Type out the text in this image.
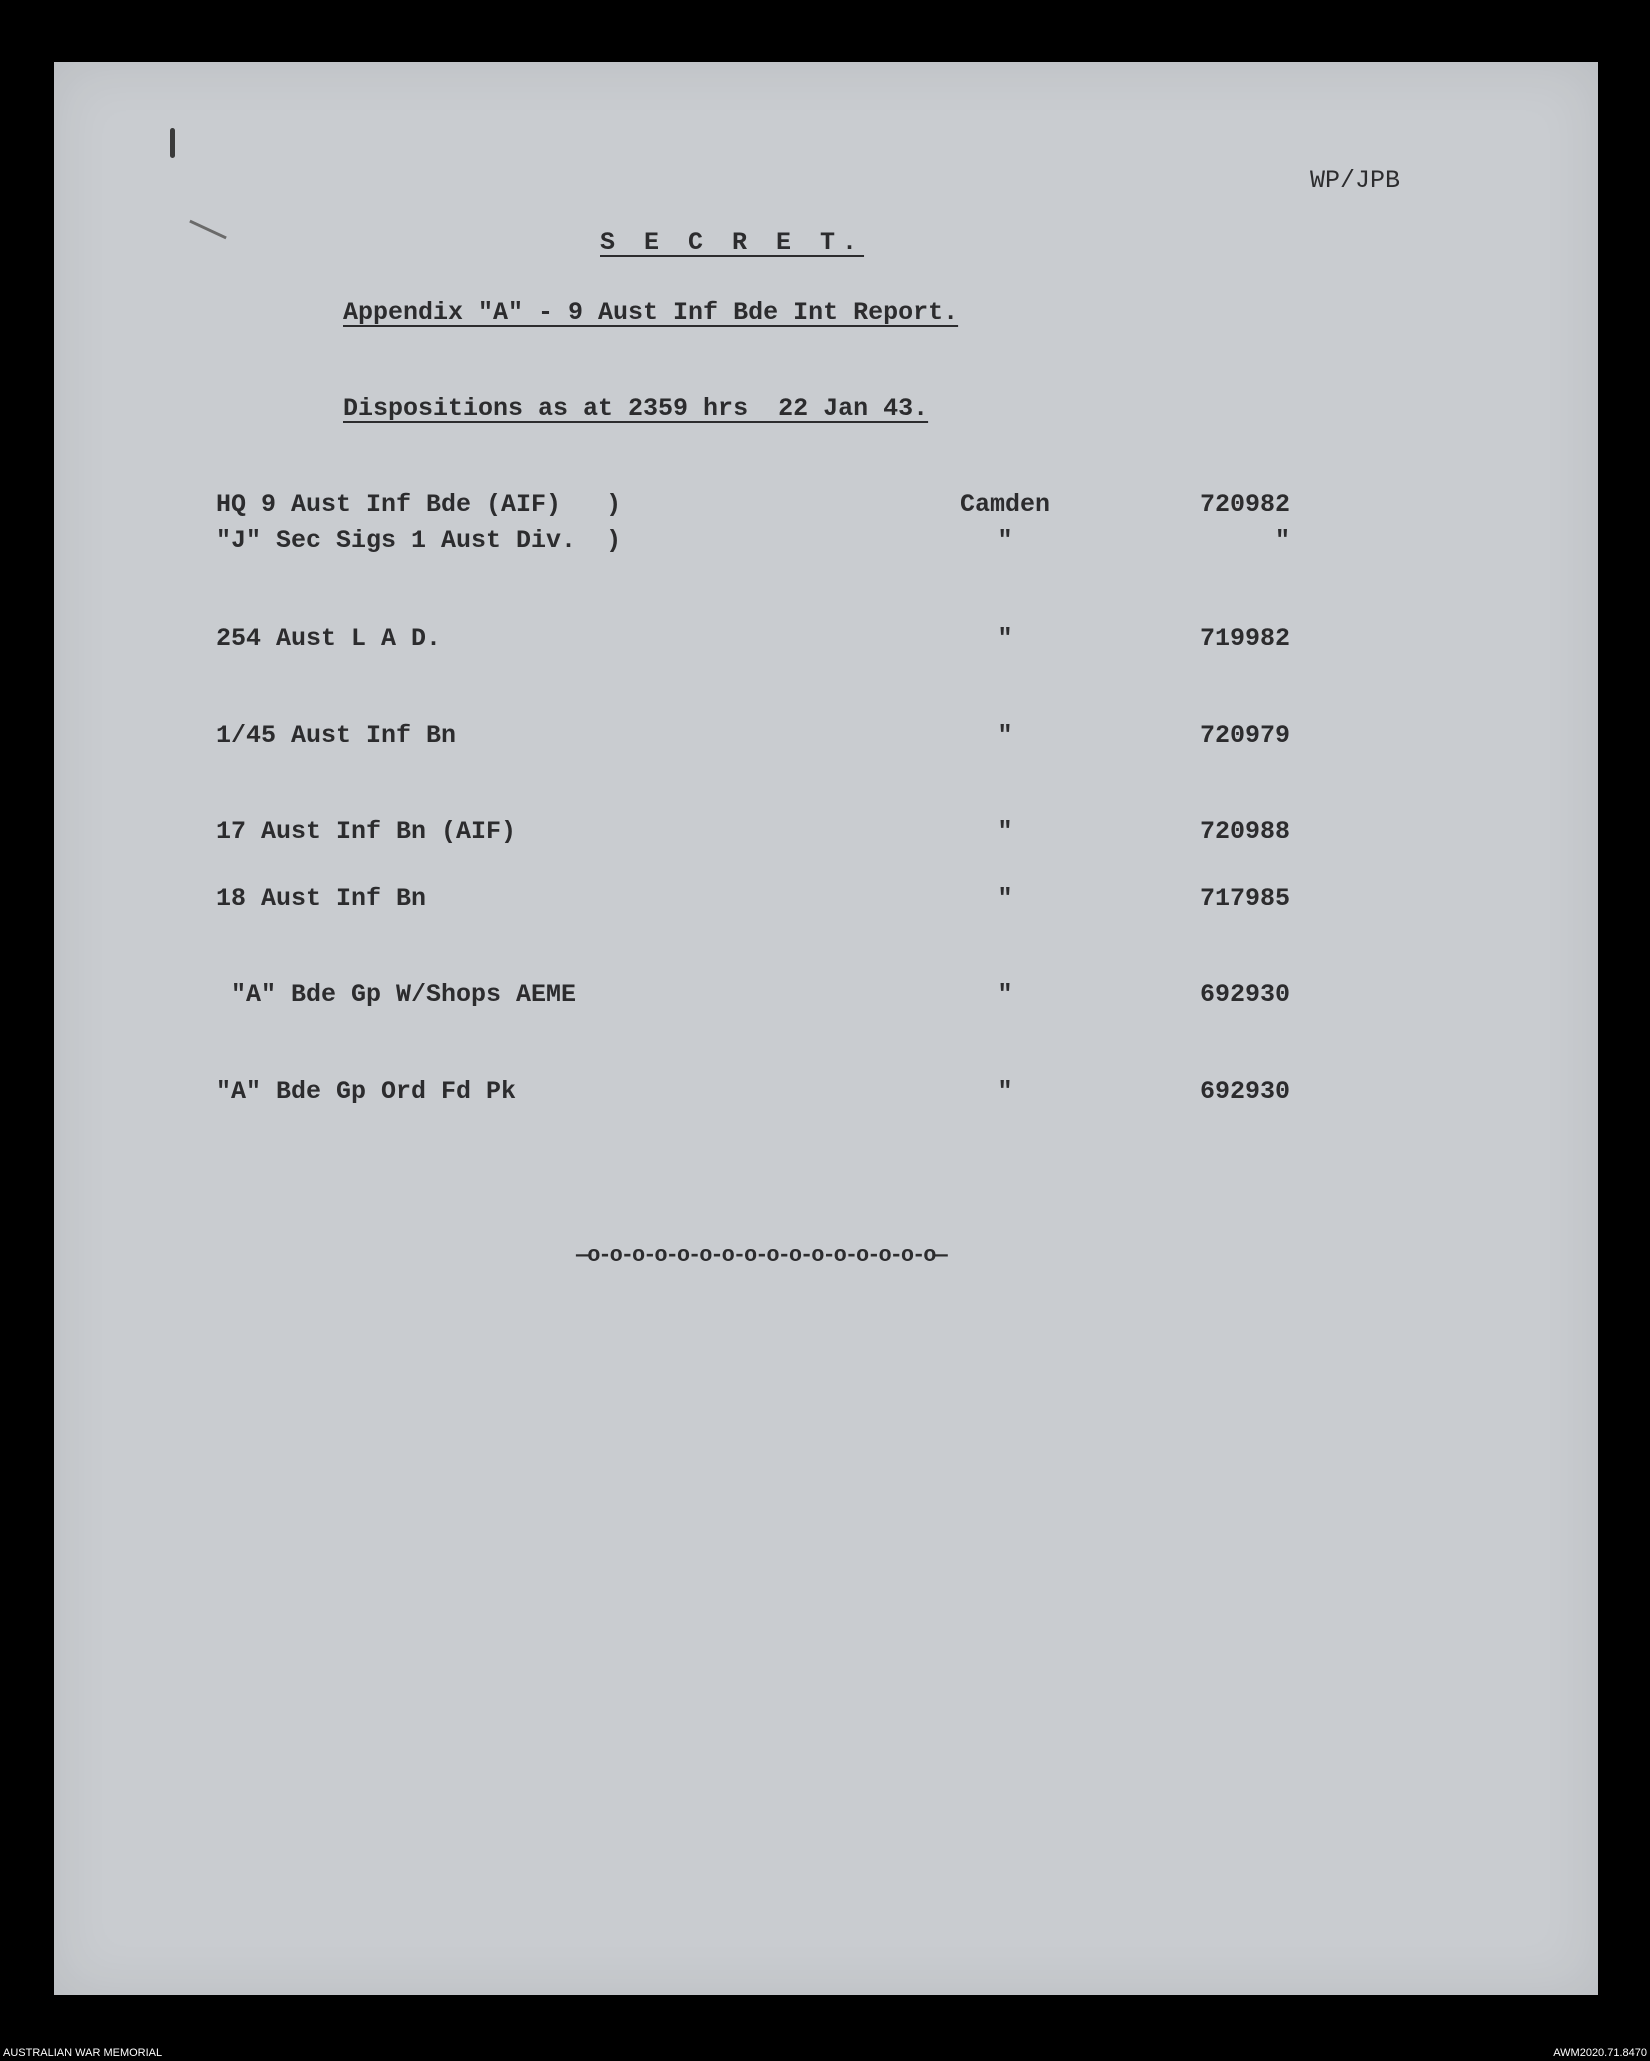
WP/JPB
S E C R E T.
Appendix "A" - 9 Aust Inf Bde Int Report.
Dispositions as at 2359 hrs  22 Jan 43.
HQ 9 Aust Inf Bde (AIF)   )	Camden	720982
"J" Sec Sigs 1 Aust Div.  )	"	"
254 Aust L A D.	"	719982
1/45 Aust Inf Bn	"	720979
17 Aust Inf Bn (AIF)	"	720988
18 Aust Inf Bn	"	717985
"A" Bde Gp W/Shops AEME	"	692930
"A" Bde Gp Ord Fd Pk	"	692930
—o-o-o-o-o-o-o-o-o-o-o-o-o-o-o-o—
AUSTRALIAN WAR MEMORIAL	AWM2020.71.8470
